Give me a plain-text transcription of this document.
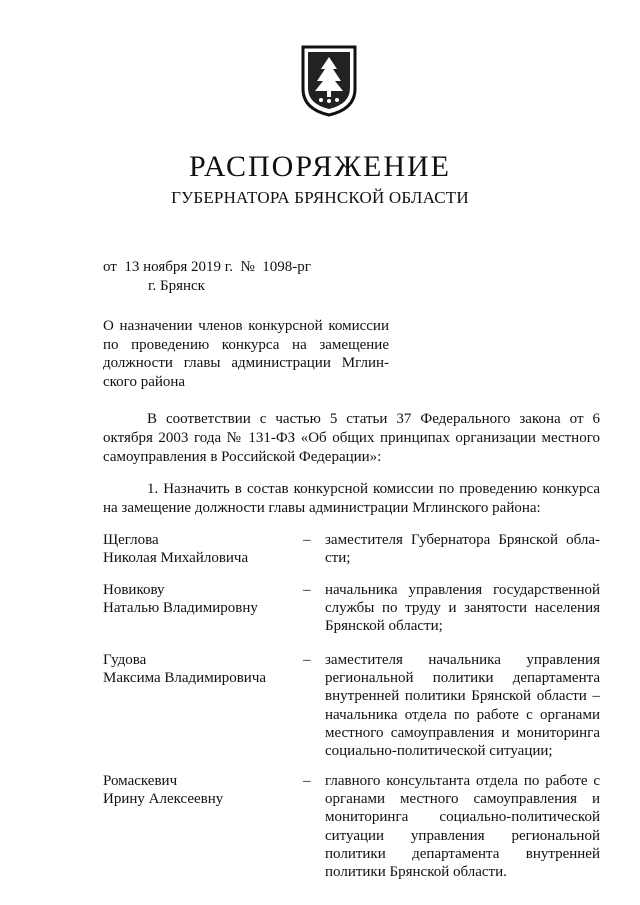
РАСПОРЯЖЕНИЕ
ГУБЕРНАТОРА БРЯНСКОЙ ОБЛАСТИ
от  13 ноября 2019 г.  №  1098-рг
г. Брянск
О назначении членов конкурсной комиссии по проведению конкурса на замещение должности главы администрации Мглинского района
В соответствии с частью 5 статьи 37 Федерального закона от 6 октября 2003 года № 131-ФЗ «Об общих принципах организации местного самоуправления в Российской Федерации»:
1. Назначить в состав конкурсной комиссии по проведению конкурса на замещение должности главы администрации Мглинского района:
Щеглова
Николая Михайловича
– заместителя Губернатора Брянской области;
Новикову
Наталью Владимировну
– начальника управления государственной службы по труду и занятости населения Брянской области;
Гудова
Максима Владимировича
– заместителя начальника управления региональной политики департамента внутренней политики Брянской области – начальника отдела по работе с органами местного самоуправления и мониторинга социально-политической ситуации;
Ромаскевич
Ирину Алексеевну
– главного консультанта отдела по работе с органами местного самоуправления и мониторинга социально-политической ситуации управления региональной политики департамента внутренней политики Брянской области.
